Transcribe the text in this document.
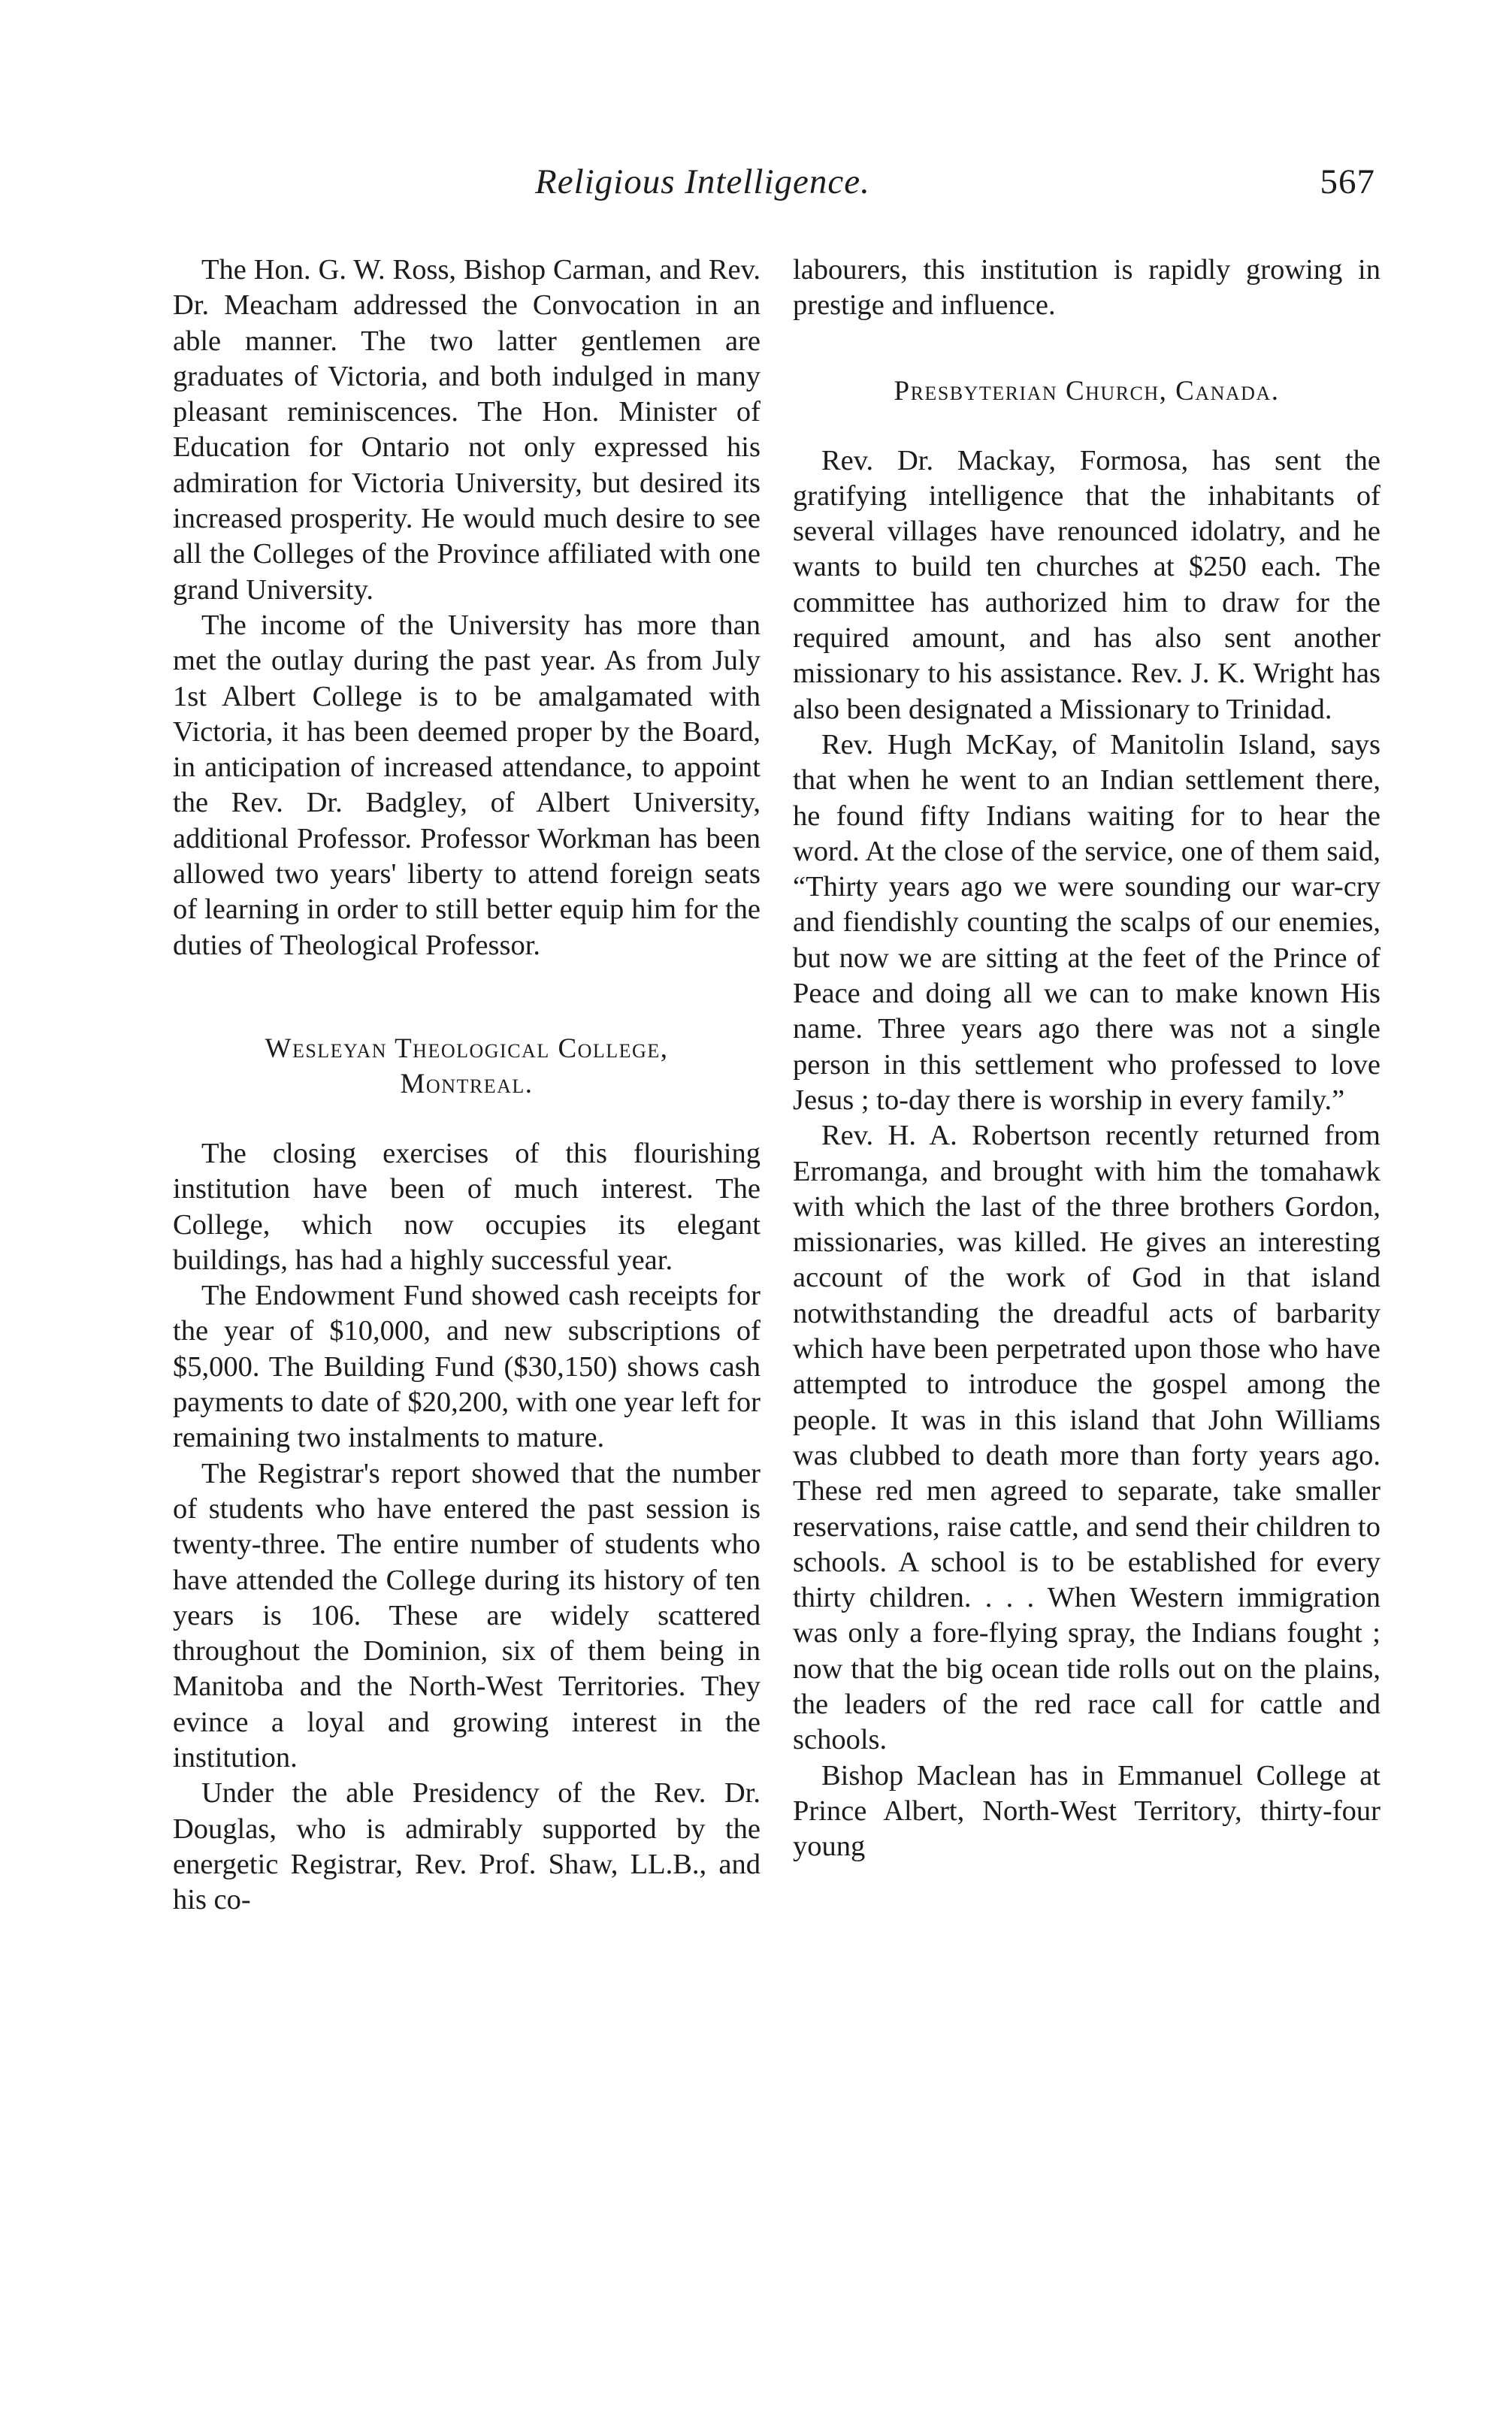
Religious Intelligence.	567

The Hon. G. W. Ross, Bishop Carman, and Rev. Dr. Meacham addressed the Convocation in an able manner. The two latter gentlemen are graduates of Victoria, and both indulged in many pleasant reminiscences. The Hon. Minister of Education for Ontario not only expressed his admiration for Victoria University, but desired its increased prosperity. He would much desire to see all the Colleges of the Province affiliated with one grand University.

The income of the University has more than met the outlay during the past year. As from July 1st Albert College is to be amalgamated with Victoria, it has been deemed proper by the Board, in anticipation of increased attendance, to appoint the Rev. Dr. Badgley, of Albert University, additional Professor. Professor Workman has been allowed two years' liberty to attend foreign seats of learning in order to still better equip him for the duties of Theological Professor.

Wesleyan Theological College,
Montreal.

The closing exercises of this flourishing institution have been of much interest. The College, which now occupies its elegant buildings, has had a highly successful year.

The Endowment Fund showed cash receipts for the year of $10,000, and new subscriptions of $5,000. The Building Fund ($30,150) shows cash payments to date of $20,200, with one year left for remaining two instalments to mature.

The Registrar's report showed that the number of students who have entered the past session is twenty-three. The entire number of students who have attended the College during its history of ten years is 106. These are widely scattered throughout the Dominion, six of them being in Manitoba and the North-West Territories. They evince a loyal and growing interest in the institution.

Under the able Presidency of the Rev. Dr. Douglas, who is admirably supported by the energetic Registrar, Rev. Prof. Shaw, LL.B., and his co-

labourers, this institution is rapidly growing in prestige and influence.

Presbyterian Church, Canada.

Rev. Dr. Mackay, Formosa, has sent the gratifying intelligence that the inhabitants of several villages have renounced idolatry, and he wants to build ten churches at $250 each. The committee has authorized him to draw for the required amount, and has also sent another missionary to his assistance. Rev. J. K. Wright has also been designated a Missionary to Trinidad.

Rev. Hugh McKay, of Manitolin Island, says that when he went to an Indian settlement there, he found fifty Indians waiting for to hear the word. At the close of the service, one of them said, “Thirty years ago we were sounding our war-cry and fiendishly counting the scalps of our enemies, but now we are sitting at the feet of the Prince of Peace and doing all we can to make known His name. Three years ago there was not a single person in this settlement who professed to love Jesus ; to-day there is worship in every family.”

Rev. H. A. Robertson recently returned from Erromanga, and brought with him the tomahawk with which the last of the three brothers Gordon, missionaries, was killed. He gives an interesting account of the work of God in that island notwithstanding the dreadful acts of barbarity which have been perpetrated upon those who have attempted to introduce the gospel among the people. It was in this island that John Williams was clubbed to death more than forty years ago. These red men agreed to separate, take smaller reservations, raise cattle, and send their children to schools. A school is to be established for every thirty children. . . . When Western immigration was only a fore-flying spray, the Indians fought ; now that the big ocean tide rolls out on the plains, the leaders of the red race call for cattle and schools.

Bishop Maclean has in Emmanuel College at Prince Albert, North-West Territory, thirty-four young
